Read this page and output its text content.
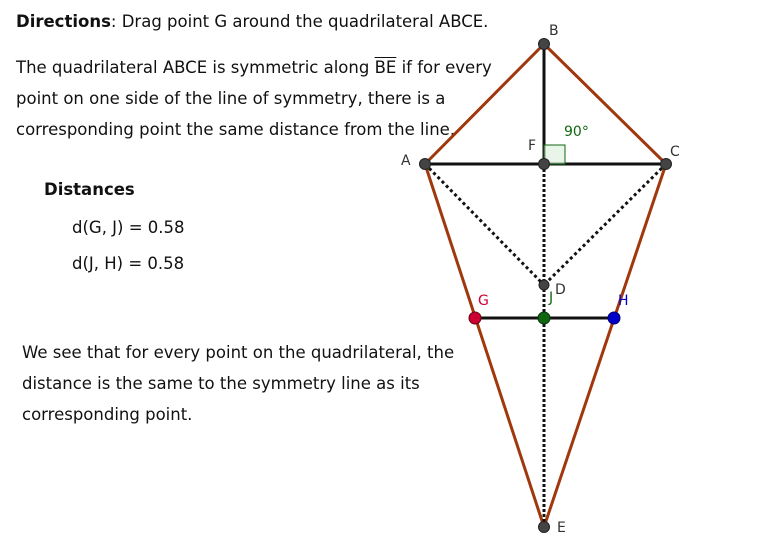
Directions: Drag point G around the quadrilateral ABCE.
The quadrilateral ABCE is symmetric along $\overline{BE}$ if for every point on one side of the line of symmetry, there is a corresponding point the same distance from the line.
Distances
d(G, J) = 0.58
d(J, H) = 0.58
We see that for every point on the quadrilateral, the distance is the same to the symmetry line as its corresponding point.
90°
A
B
C
F
D
E
G	J	H
